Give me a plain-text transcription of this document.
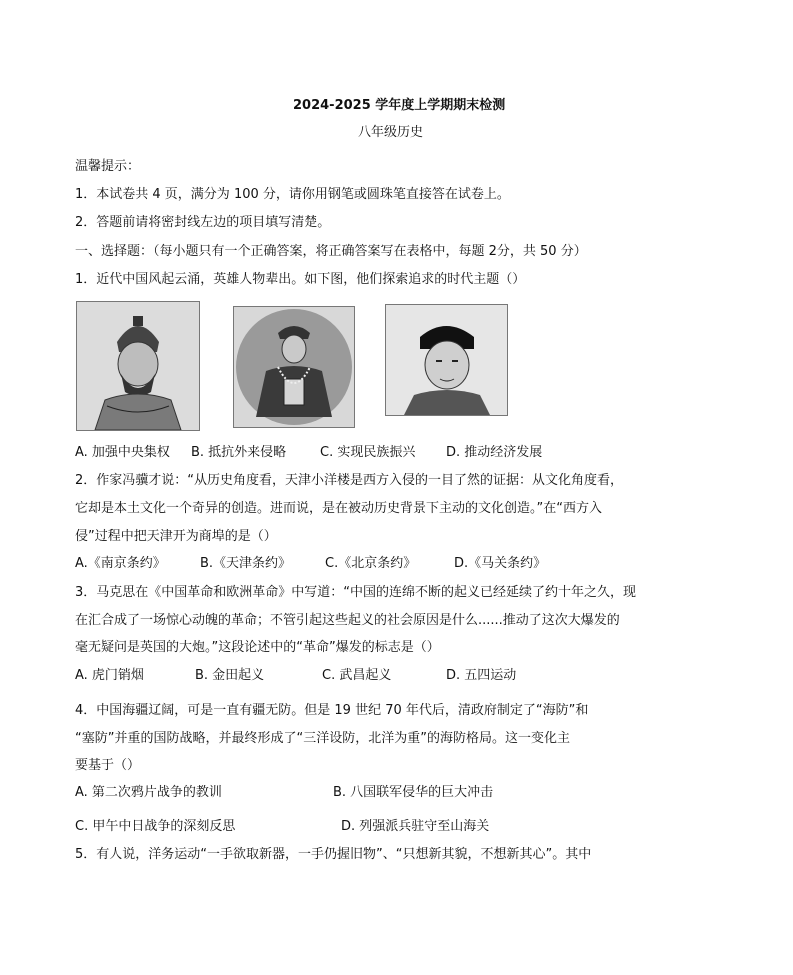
2024-2025 学年度上学期期末检测
八年级历史
温馨提示：
1．本试卷共 4 页，满分为 100 分，请你用钢笔或圆珠笔直接答在试卷上。
2．答题前请将密封线左边的项目填写清楚。
一、选择题：（每小题只有一个正确答案，将正确答案写在表格中，每题 2分，共 50 分）
1．近代中国风起云涌，英雄人物辈出。如下图，他们探索追求的时代主题（）
A. 加强中央集权 B. 抵抗外来侵略	C. 实现民族振兴 D. 推动经济发展
2．作家冯骥才说：“从历史角度看，天津小洋楼是西方入侵的一目了然的证据：从文化角度看，
它却是本土文化一个奇异的创造。进而说，是在被动历史背景下主动的文化创造。”在“西方入
侵”过程中把天津开为商埠的是（）
A.《南京条约》	B.《天津条约》	C.《北京条约》	D.《马关条约》
3．马克思在《中国革命和欧洲革命》中写道：“中国的连绵不断的起义已经延续了约十年之久，现
在汇合成了一场惊心动魄的革命；不管引起这些起义的社会原因是什么......推动了这次大爆发的
毫无疑问是英国的大炮。”这段论述中的“革命”爆发的标志是（）
A. 虎门销烟	B. 金田起义	C. 武昌起义	D. 五四运动
4．中国海疆辽阔，可是一直有疆无防。但是 19 世纪 70 年代后，清政府制定了“海防”和
“塞防”并重的国防战略，并最终形成了“三洋设防，北洋为重”的海防格局。这一变化主
要基于（）
A. 第二次鸦片战争的教训	B. 八国联军侵华的巨大冲击
C. 甲午中日战争的深刻反思	D. 列强派兵驻守至山海关
5．有人说，洋务运动“一手欲取新器，一手仍握旧物”、“只想新其貌，不想新其心”。其中
